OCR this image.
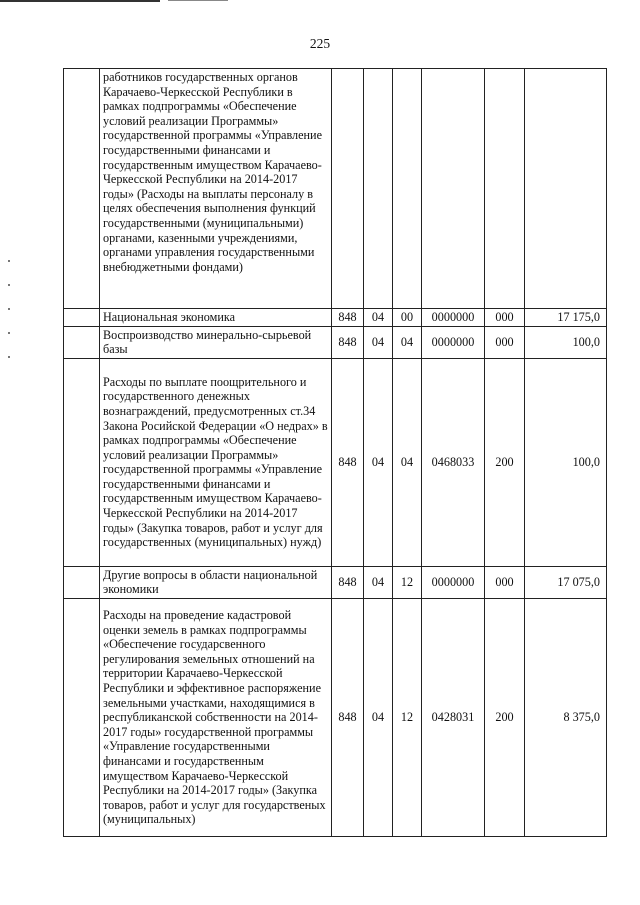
225
	работников государственных органов Карачаево-Черкесской Республики в рамках подпрограммы «Обеспечение условий реализации Программы» государственной программы «Управление государственными финансами и государственным имуществом Карачаево-Черкесской Республики на 2014-2017 годы» (Расходы на выплаты персоналу в целях обеспечения выполнения функций государственными (муниципальными) органами, казенными учреждениями, органами управления государственными внебюджетными фондами)						
	Национальная экономика	848	04	00	0000000	000	17 175,0
	Воспроизводство минерально-сырьевой базы	848	04	04	0000000	000	100,0
	Расходы по выплате поощрительного и государственного денежных вознаграждений, предусмотренных ст.34 Закона Росийской Федерации «О недрах» в рамках подпрограммы «Обеспечение условий реализации Программы» государственной программы «Управление государственными финансами и государственным имуществом Карачаево-Черкесской Республики на 2014-2017 годы» (Закупка товаров, работ и услуг для государственных (муниципальных) нужд)	848	04	04	0468033	200	100,0
	Другие вопросы в области национальной экономики	848	04	12	0000000	000	17 075,0
	Расходы на проведение кадастровой оценки земель в рамках подпрограммы «Обеспечение государсвенного регулирования земельных отношений на территории Карачаево-Черкесской Республики и эффективное распоряжение земельными участками, находящимися в республиканской собственности на 2014-2017 годы» государственной программы «Управление государственными финансами и государственным имуществом Карачаево-Черкесской Республики на 2014-2017 годы» (Закупка товаров, работ и услуг для государственых (муниципальных)	848	04	12	0428031	200	8 375,0
